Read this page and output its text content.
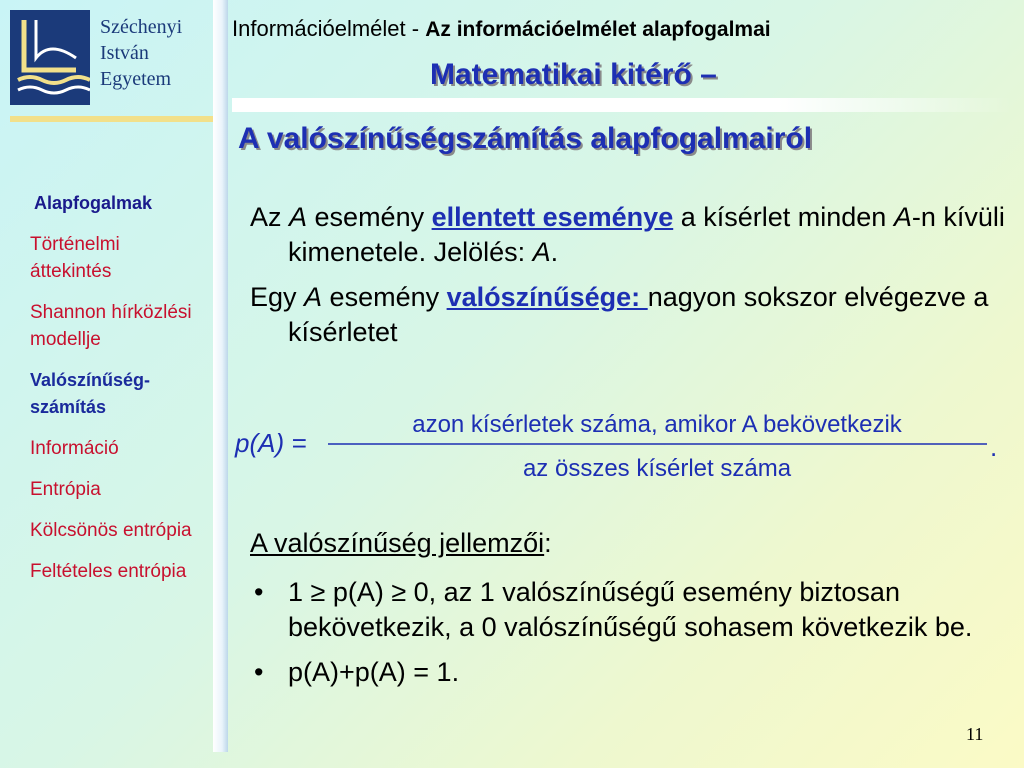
Széchenyi
István
Egyetem
Információelmélet - Az információelmélet alapfogalmai
Matematikai kitérő –
A valószínűségszámítás alapfogalmairól
Alapfogalmak
Történelmi áttekintés
Shannon hírközlési modellje
Valószínűség-számítás
Információ
Entrópia
Kölcsönös entrópia
Feltételes entrópia
Az A esemény ellentett eseménye a kísérlet minden A-n kívüli kimenetele. Jelölés: A.
Egy A esemény valószínűsége: nagyon sokszor elvégezve a kísérletet
p(A) =
azon kísérletek száma, amikor A bekövetkezik
az összes kísérlet száma
.
A valószínűség jellemzői:
• 1 ≥ p(A) ≥ 0, az 1 valószínűségű esemény biztosan bekövetkezik, a 0 valószínűségű sohasem következik be.
• p(A)+p(A) = 1.
11
